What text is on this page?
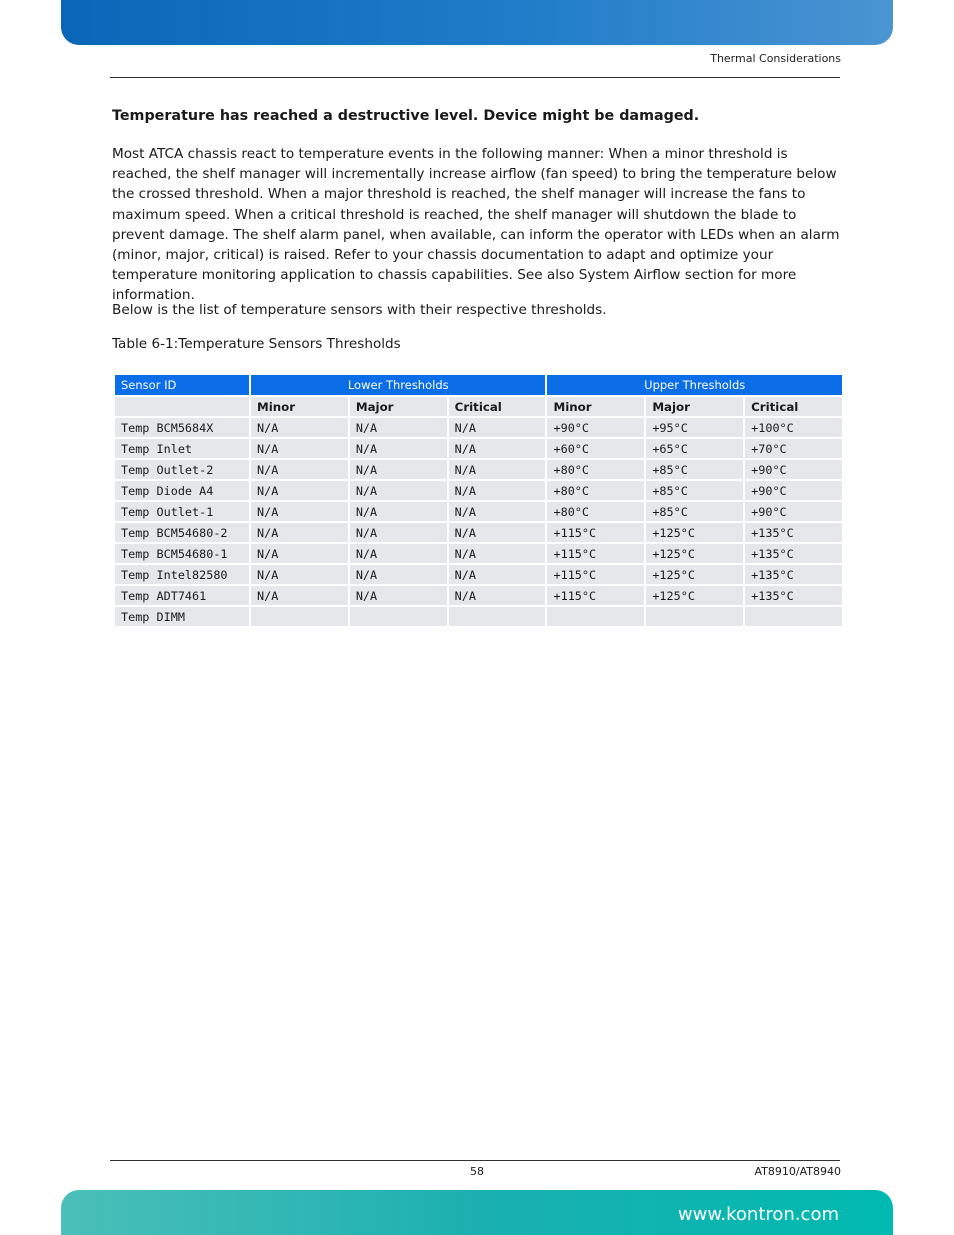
Thermal Considerations
Temperature has reached a destructive level. Device might be damaged.
Most ATCA chassis react to temperature events in the following manner: When a minor threshold is reached, the shelf manager will incrementally increase airflow (fan speed) to bring the temperature below the crossed threshold. When a major threshold is reached, the shelf manager will increase the fans to maximum speed. When a critical threshold is reached, the shelf manager will shutdown the blade to prevent damage. The shelf alarm panel, when available, can inform the operator with LEDs when an alarm (minor, major, critical) is raised. Refer to your chassis documentation to adapt and optimize your temperature monitoring application to chassis capabilities. See also System Airflow section for more information.
Below is the list of temperature sensors with their respective thresholds.
Table 6-1:Temperature Sensors Thresholds
Sensor ID	Lower Thresholds			Upper Thresholds		
	Minor	Major	Critical	Minor	Major	Critical
Temp BCM5684X	N/A	N/A	N/A	+90°C	+95°C	+100°C
Temp Inlet	N/A	N/A	N/A	+60°C	+65°C	+70°C
Temp Outlet-2	N/A	N/A	N/A	+80°C	+85°C	+90°C
Temp Diode A4	N/A	N/A	N/A	+80°C	+85°C	+90°C
Temp Outlet-1	N/A	N/A	N/A	+80°C	+85°C	+90°C
Temp BCM54680-2	N/A	N/A	N/A	+115°C	+125°C	+135°C
Temp BCM54680-1	N/A	N/A	N/A	+115°C	+125°C	+135°C
Temp Intel82580	N/A	N/A	N/A	+115°C	+125°C	+135°C
Temp ADT7461	N/A	N/A	N/A	+115°C	+125°C	+135°C
Temp DIMM						
58	AT8910/AT8940
www.kontron.com
